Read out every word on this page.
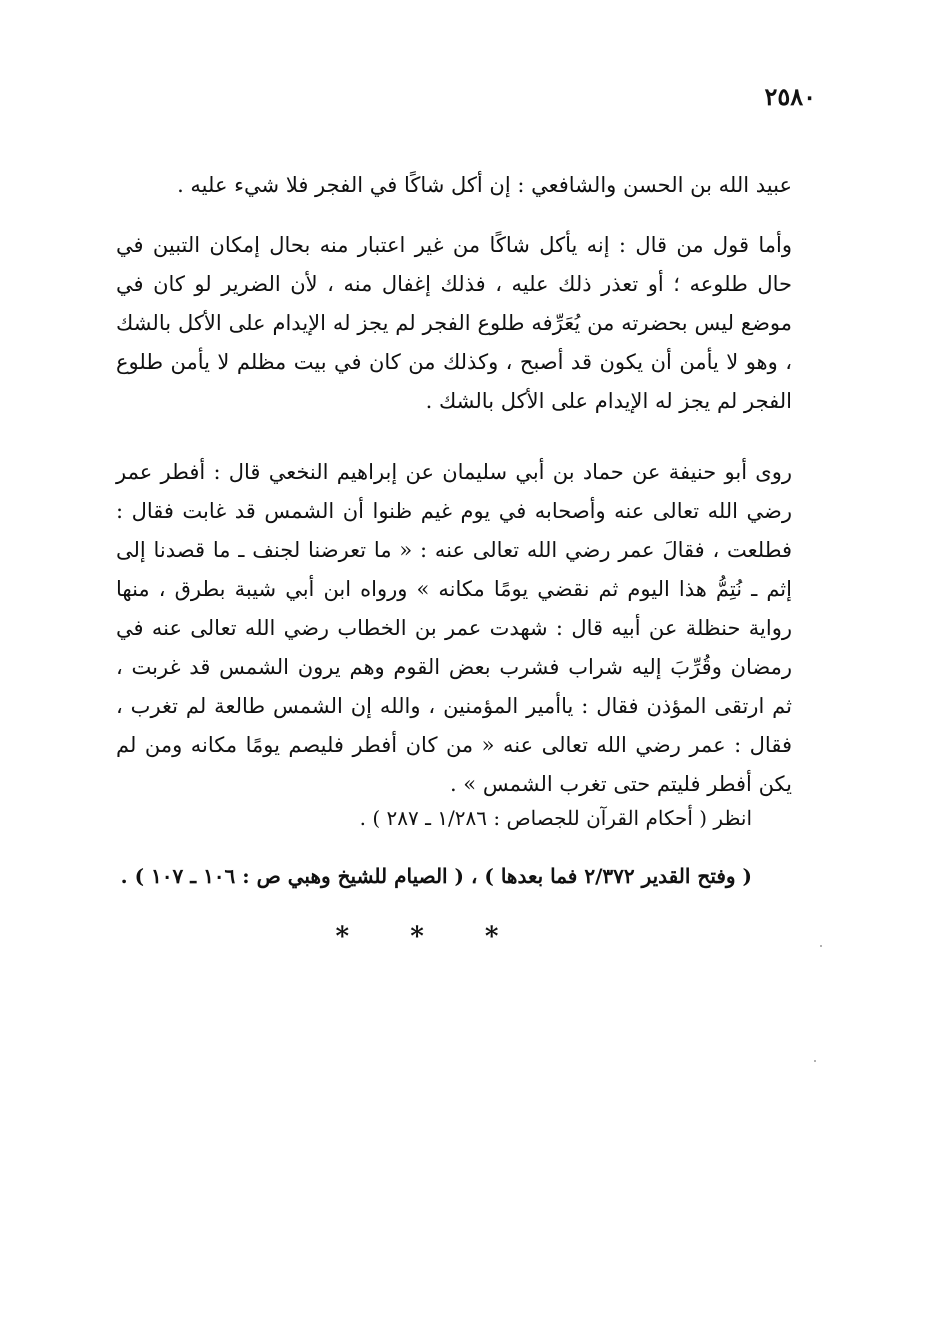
٢٥٨٠

عبيد الله بن الحسن والشافعي : إن أكل شاكًا في الفجر فلا شيء عليه .

وأما قول من قال : إنه يأكل شاكًا من غير اعتبار منه بحال إمكان التبين في حال طلوعه ؛ أو تعذر ذلك عليه ، فذلك إغفال منه ، لأن الضرير لو كان في موضع ليس بحضرته من يُعَرِّفه طلوع الفجر لم يجز له الإيدام على الأكل بالشك ، وهو لا يأمن أن يكون قد أصبح ، وكذلك من كان في بيت مظلم لا يأمن طلوع الفجر لم يجز له الإيدام على الأكل بالشك .

روى أبو حنيفة عن حماد بن أبي سليمان عن إبراهيم النخعي قال : أفطر عمر رضي الله تعالى عنه وأصحابه في يوم غيم ظنوا أن الشمس قد غابت فقال : فطلعت ، فقالَ عمر رضي الله تعالى عنه : « ما تعرضنا لجنف ـ ما قصدنا إلى إثم ـ نُتِمُّ هذا اليوم ثم نقضي يومًا مكانه » ورواه ابن أبي شيبة بطرق ، منها رواية حنظلة عن أبيه قال : شهدت عمر بن الخطاب رضي الله تعالى عنه في رمضان وقُرِّبَ إليه شراب فشرب بعض القوم وهم يرون الشمس قد غربت ، ثم ارتقى المؤذن فقال : ياأمير المؤمنين ، والله إن الشمس طالعة لم تغرب ، فقال : عمر رضي الله تعالى عنه « من كان أفطر فليصم يومًا مكانه ومن لم يكن أفطر فليتم حتى تغرب الشمس » .

انظر ( أحكام القرآن للجصاص : ١/٢٨٦ ـ ٢٨٧ ) .
( وفتح القدير ٢/٣٧٢ فما بعدها ) ، ( الصيام للشيخ وهبي ص : ١٠٦ ـ ١٠٧ ) .
* * *
